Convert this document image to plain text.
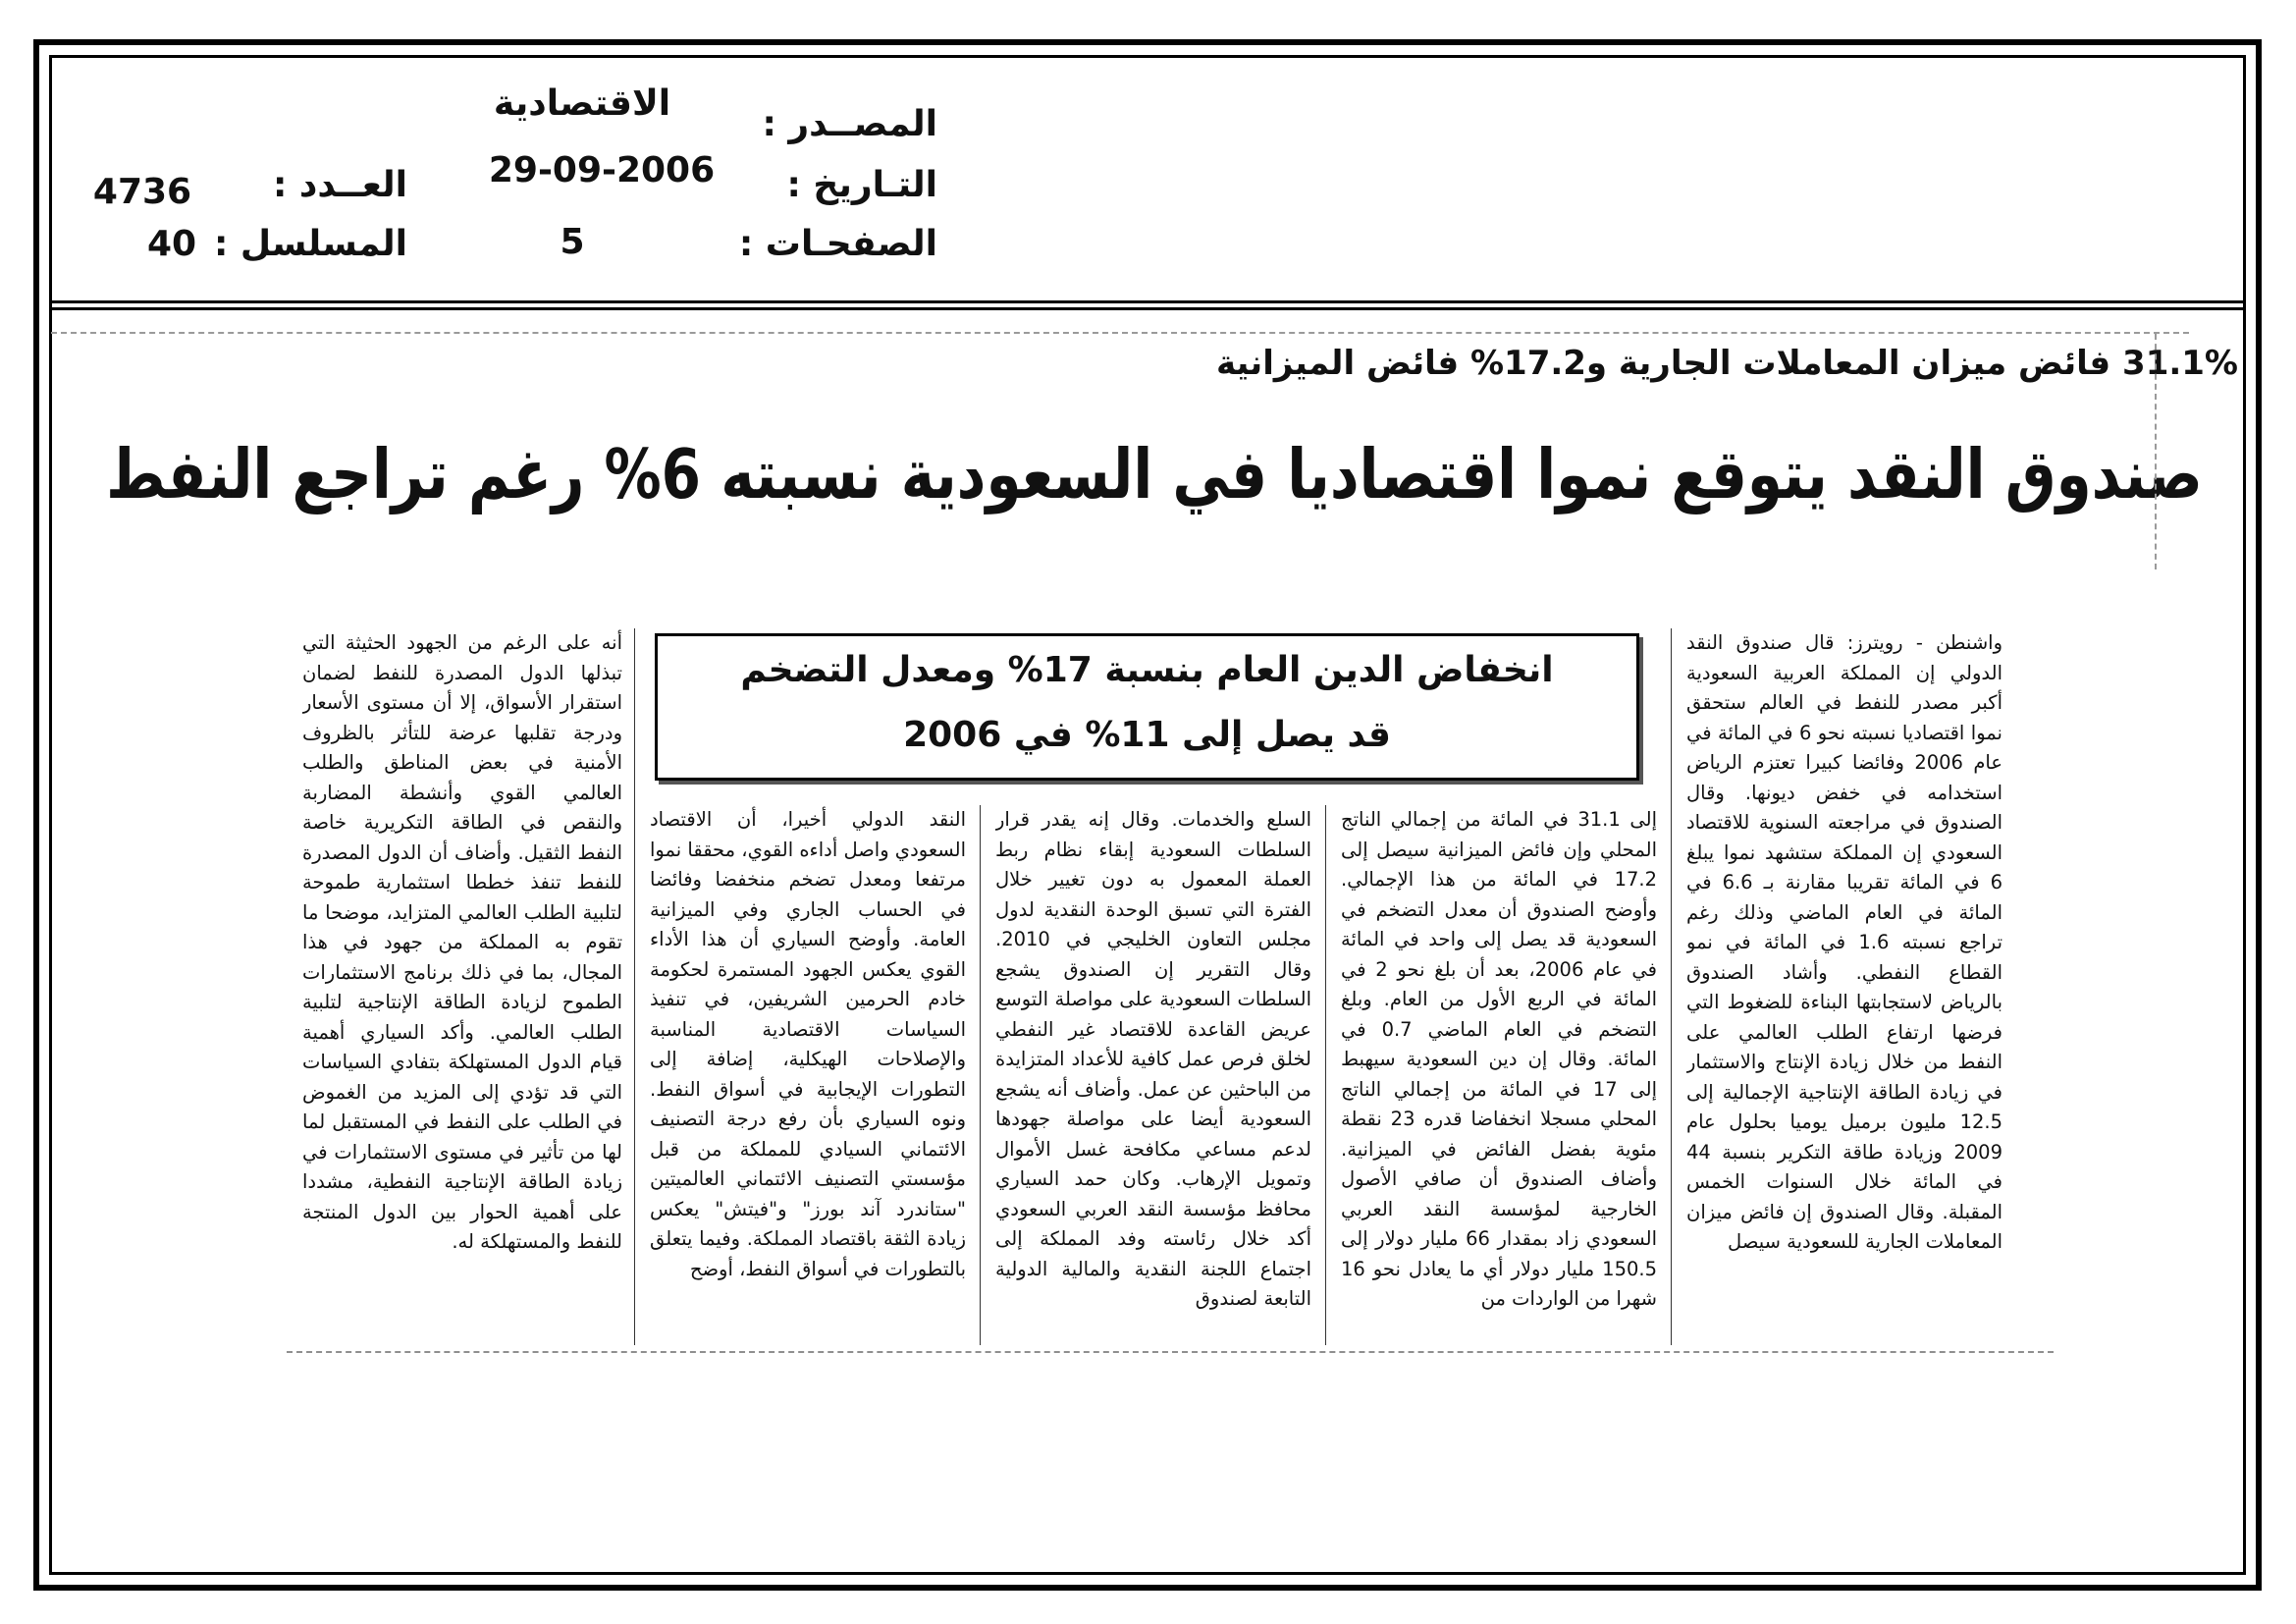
المصــدر :
الاقتصادية
التـاريخ :
29-09-2006
الصفحـات :
5
العــدد :
4736
المسلسل :
40
31.1% فائض ميزان المعاملات الجارية و17.2% فائض الميزانية
صندوق النقد يتوقع نموا اقتصاديا في السعودية نسبته 6% رغم تراجع النفط
انخفاض الدين العام بنسبة 17% ومعدل التضخم
قد يصل إلى 11% في 2006
واشنطن - رويترز: قال صندوق النقد الدولي إن المملكة العربية السعودية أكبر مصدر للنفط في العالم ستحقق نموا اقتصاديا نسبته نحو 6 في المائة في عام 2006 وفائضا كبيرا تعتزم الرياض استخدامه في خفض ديونها. وقال الصندوق في مراجعته السنوية للاقتصاد السعودي إن المملكة ستشهد نموا يبلغ 6 في المائة تقريبا مقارنة بـ 6.6 في المائة في العام الماضي وذلك رغم تراجع نسبته 1.6 في المائة في نمو القطاع النفطي. وأشاد الصندوق بالرياض لاستجابتها البناءة للضغوط التي فرضها ارتفاع الطلب العالمي على النفط من خلال زيادة الإنتاج والاستثمار في زيادة الطاقة الإنتاجية الإجمالية إلى 12.5 مليون برميل يوميا بحلول عام 2009 وزيادة طاقة التكرير بنسبة 44 في المائة خلال السنوات الخمس المقبلة. وقال الصندوق إن فائض ميزان المعاملات الجارية للسعودية سيصل
إلى 31.1 في المائة من إجمالي الناتج المحلي وإن فائض الميزانية سيصل إلى 17.2 في المائة من هذا الإجمالي. وأوضح الصندوق أن معدل التضخم في السعودية قد يصل إلى واحد في المائة في عام 2006، بعد أن بلغ نحو 2 في المائة في الربع الأول من العام. وبلغ التضخم في العام الماضي 0.7 في المائة. وقال إن دين السعودية سيهبط إلى 17 في المائة من إجمالي الناتج المحلي مسجلا انخفاضا قدره 23 نقطة مئوية بفضل الفائض في الميزانية. وأضاف الصندوق أن صافي الأصول الخارجية لمؤسسة النقد العربي السعودي زاد بمقدار 66 مليار دولار إلى 150.5 مليار دولار أي ما يعادل نحو 16 شهرا من الواردات من
السلع والخدمات. وقال إنه يقدر قرار السلطات السعودية إبقاء نظام ربط العملة المعمول به دون تغيير خلال الفترة التي تسبق الوحدة النقدية لدول مجلس التعاون الخليجي في 2010. وقال التقرير إن الصندوق يشجع السلطات السعودية على مواصلة التوسع عريض القاعدة للاقتصاد غير النفطي لخلق فرص عمل كافية للأعداد المتزايدة من الباحثين عن عمل. وأضاف أنه يشجع السعودية أيضا على مواصلة جهودها لدعم مساعي مكافحة غسل الأموال وتمويل الإرهاب. وكان حمد السياري محافظ مؤسسة النقد العربي السعودي أكد خلال رئاسته وفد المملكة إلى اجتماع اللجنة النقدية والمالية الدولية التابعة لصندوق
النقد الدولي أخيرا، أن الاقتصاد السعودي واصل أداءه القوي، محققا نموا مرتفعا ومعدل تضخم منخفضا وفائضا في الحساب الجاري وفي الميزانية العامة. وأوضح السياري أن هذا الأداء القوي يعكس الجهود المستمرة لحكومة خادم الحرمين الشريفين، في تنفيذ السياسات الاقتصادية المناسبة والإصلاحات الهيكلية، إضافة إلى التطورات الإيجابية في أسواق النفط. ونوه السياري بأن رفع درجة التصنيف الائتماني السيادي للمملكة من قبل مؤسستي التصنيف الائتماني العالميتين "ستاندرد آند بورز" و"فيتش" يعكس زيادة الثقة باقتصاد المملكة. وفيما يتعلق بالتطورات في أسواق النفط، أوضح
أنه على الرغم من الجهود الحثيثة التي تبذلها الدول المصدرة للنفط لضمان استقرار الأسواق، إلا أن مستوى الأسعار ودرجة تقلبها عرضة للتأثر بالظروف الأمنية في بعض المناطق والطلب العالمي القوي وأنشطة المضاربة والنقص في الطاقة التكريرية خاصة النفط الثقيل. وأضاف أن الدول المصدرة للنفط تنفذ خططا استثمارية طموحة لتلبية الطلب العالمي المتزايد، موضحا ما تقوم به المملكة من جهود في هذا المجال، بما في ذلك برنامج الاستثمارات الطموح لزيادة الطاقة الإنتاجية لتلبية الطلب العالمي. وأكد السياري أهمية قيام الدول المستهلكة بتفادي السياسات التي قد تؤدي إلى المزيد من الغموض في الطلب على النفط في المستقبل لما لها من تأثير في مستوى الاستثمارات في زيادة الطاقة الإنتاجية النفطية، مشددا على أهمية الحوار بين الدول المنتجة للنفط والمستهلكة له.
